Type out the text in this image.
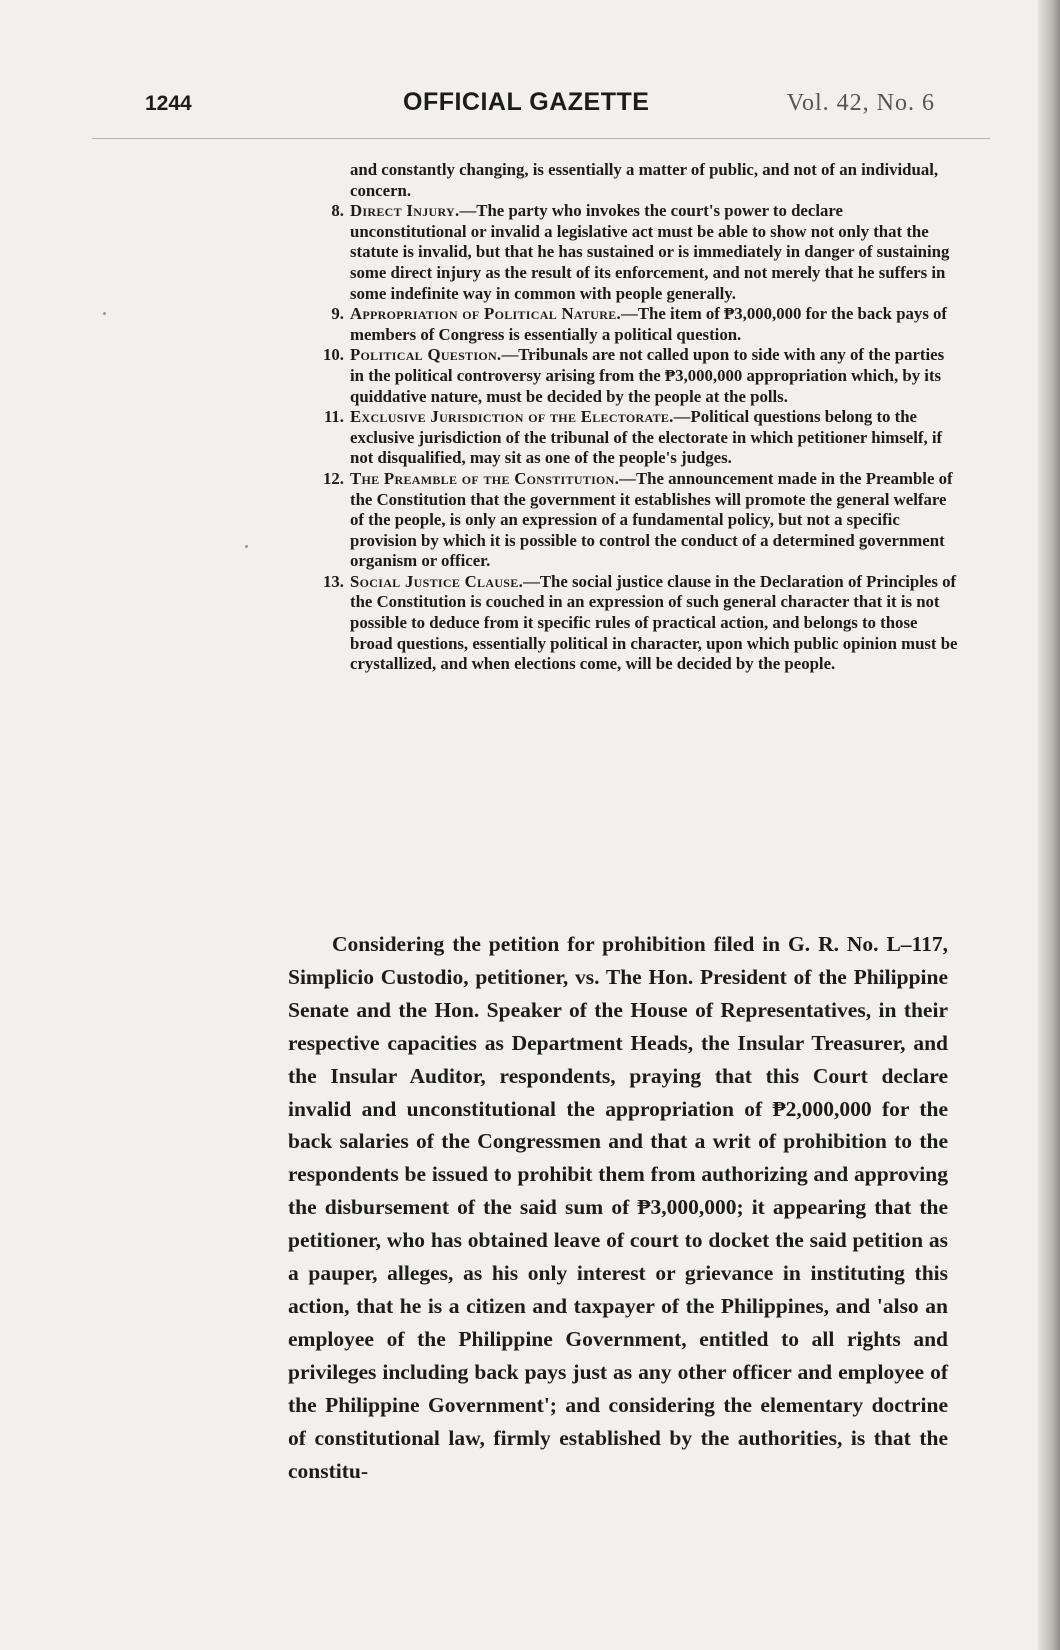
1244	OFFICIAL GAZETTE	Vol. 42, No. 6

and constantly changing, is essentially a matter of public, and not of an individual, concern.

8. Direct Injury.—The party who invokes the court's power to declare unconstitutional or invalid a legislative act must be able to show not only that the statute is invalid, but that he has sustained or is immediately in danger of sustaining some direct injury as the result of its enforcement, and not merely that he suffers in some indefinite way in common with people generally.

9. Appropriation of Political Nature.—The item of ₱3,000,000 for the back pays of members of Congress is essentially a political question.

10. Political Question.—Tribunals are not called upon to side with any of the parties in the political controversy arising from the ₱3,000,000 appropriation which, by its quiddative nature, must be decided by the people at the polls.

11. Exclusive Jurisdiction of the Electorate.—Political questions belong to the exclusive jurisdiction of the tribunal of the electorate in which petitioner himself, if not disqualified, may sit as one of the people's judges.

12. The Preamble of the Constitution.—The announcement made in the Preamble of the Constitution that the government it establishes will promote the general welfare of the people, is only an expression of a fundamental policy, but not a specific provision by which it is possible to control the conduct of a determined government organism or officer.

13. Social Justice Clause.—The social justice clause in the Declaration of Principles of the Constitution is couched in an expression of such general character that it is not possible to deduce from it specific rules of practical action, and belongs to those broad questions, essentially political in character, upon which public opinion must be crystallized, and when elections come, will be decided by the people.

Considering the petition for prohibition filed in G. R. No. L–117, Simplicio Custodio, petitioner, vs. The Hon. President of the Philippine Senate and the Hon. Speaker of the House of Representatives, in their respective capacities as Department Heads, the Insular Treasurer, and the Insular Auditor, respondents, praying that this Court declare invalid and unconstitutional the appropriation of ₱2,000,000 for the back salaries of the Congressmen and that a writ of prohibition to the respondents be issued to prohibit them from authorizing and approving the disbursement of the said sum of ₱3,000,000; it appearing that the petitioner, who has obtained leave of court to docket the said petition as a pauper, alleges, as his only interest or grievance in instituting this action, that he is a citizen and taxpayer of the Philippines, and 'also an employee of the Philippine Government, entitled to all rights and privileges including back pays just as any other officer and employee of the Philippine Government'; and considering the elementary doctrine of constitutional law, firmly established by the authorities, is that the constitu-
